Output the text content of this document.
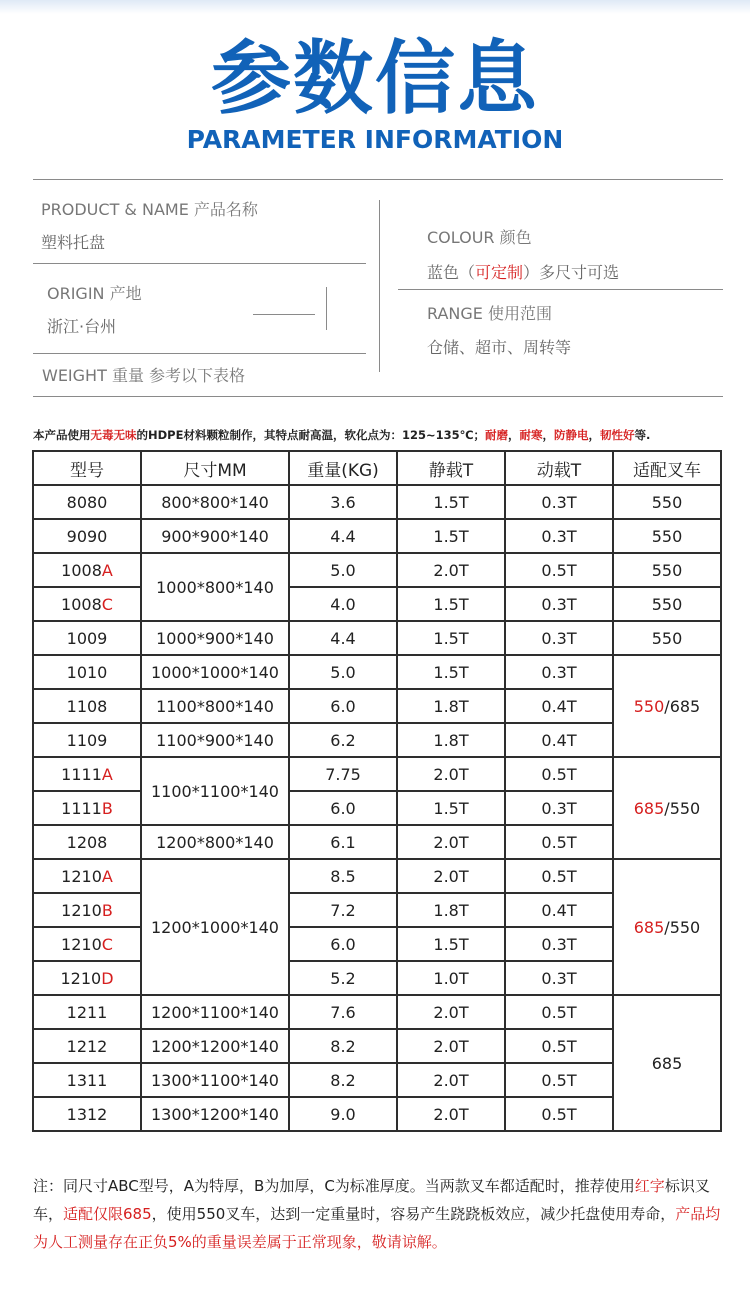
参数信息
PARAMETER INFORMATION
PRODUCT & NAME 产品名称
塑料托盘
ORIGIN 产地
浙江·台州
WEIGHT 重量 参考以下表格
COLOUR 颜色
蓝色（可定制）多尺寸可选
RANGE 使用范围
仓储、超市、周转等
本产品使用无毒无味的HDPE材料颗粒制作，其特点耐高温，软化点为：125~135℃；耐磨，耐寒，防静电，韧性好等.
型号	尺寸MM	重量(KG)	静载T	动载T	适配叉车
8080	800*800*140	3.6	1.5T	0.3T	550
9090	900*900*140	4.4	1.5T	0.3T	550
1008A	1000*800*140	5.0	2.0T	0.5T	550
1008C		4.0	1.5T	0.3T	550
1009	1000*900*140	4.4	1.5T	0.3T	550
1010	1000*1000*140	5.0	1.5T	0.3T	550/685
1108	1100*800*140	6.0	1.8T	0.4T	
1109	1100*900*140	6.2	1.8T	0.4T	
1111A	1100*1100*140	7.75	2.0T	0.5T	685/550
1111B		6.0	1.5T	0.3T	
1208	1200*800*140	6.1	2.0T	0.5T	
1210A	1200*1000*140	8.5	2.0T	0.5T	685/550
1210B		7.2	1.8T	0.4T	
1210C		6.0	1.5T	0.3T	
1210D		5.2	1.0T	0.3T	
1211	1200*1100*140	7.6	2.0T	0.5T	685
1212	1200*1200*140	8.2	2.0T	0.5T	
1311	1300*1100*140	8.2	2.0T	0.5T	
1312	1300*1200*140	9.0	2.0T	0.5T	
注：同尺寸ABC型号，A为特厚，B为加厚，C为标准厚度。当两款叉车都适配时，推荐使用红字标识叉车，适配仅限685，使用550叉车，达到一定重量时，容易产生跷跷板效应，减少托盘使用寿命，产品均为人工测量存在正负5%的重量误差属于正常现象，敬请谅解。
